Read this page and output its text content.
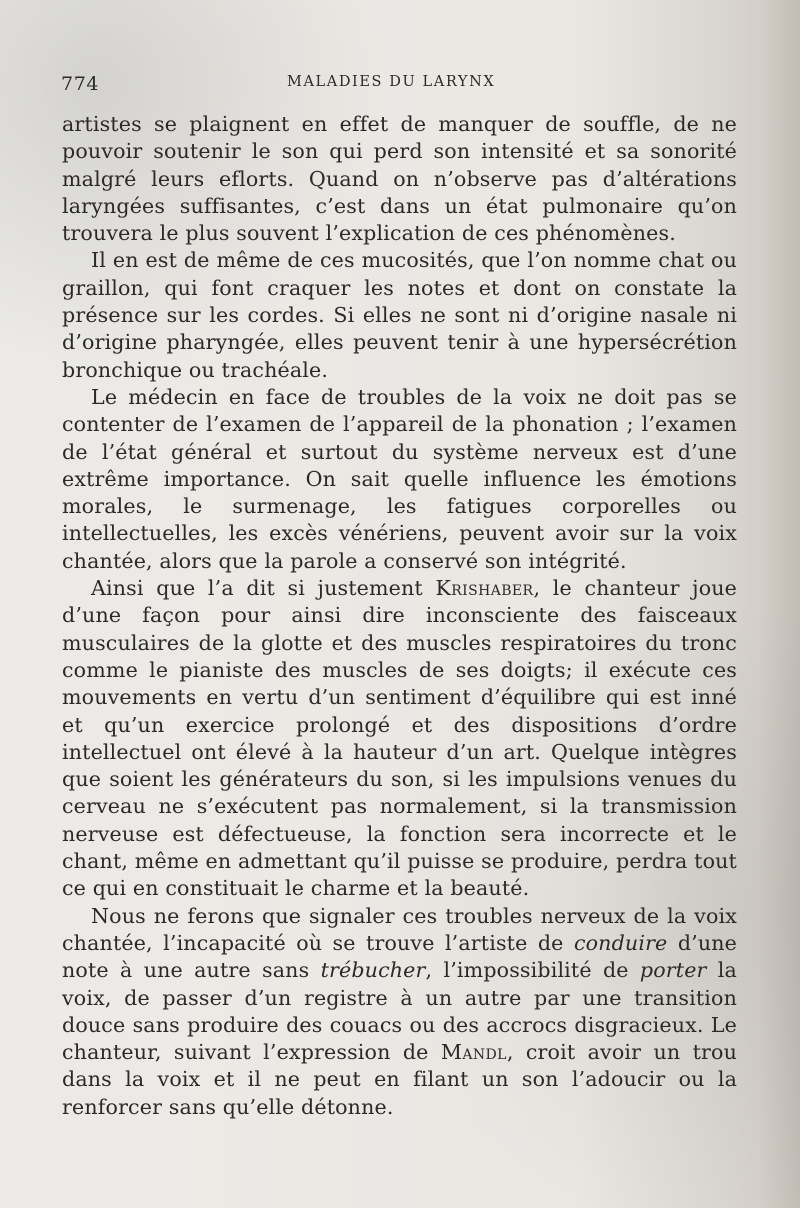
774	MALADIES DU LARYNX

artistes se plaignent en effet de manquer de souffle, de ne pouvoir soutenir le son qui perd son intensité et sa sonorité malgré leurs eflorts. Quand on n’observe pas d’altérations laryngées suffisantes, c’est dans un état pulmonaire qu’on trouvera le plus souvent l’explication de ces phénomènes.

Il en est de même de ces mucosités, que l’on nomme chat ou graillon, qui font craquer les notes et dont on constate la présence sur les cordes. Si elles ne sont ni d’origine nasale ni d’origine pharyngée, elles peuvent tenir à une hypersécrétion bronchique ou trachéale.

Le médecin en face de troubles de la voix ne doit pas se contenter de l’examen de l’appareil de la phonation ; l’examen de l’état général et surtout du système nerveux est d’une extrême importance. On sait quelle influence les émotions morales, le surmenage, les fatigues corporelles ou intellectuelles, les excès vénériens, peuvent avoir sur la voix chantée, alors que la parole a conservé son intégrité.

Ainsi que l’a dit si justement Krishaber, le chanteur joue d’une façon pour ainsi dire inconsciente des faisceaux musculaires de la glotte et des muscles respiratoires du tronc comme le pianiste des muscles de ses doigts; il exécute ces mouvements en vertu d’un sentiment d’équilibre qui est inné et qu’un exercice prolongé et des dispositions d’ordre intellectuel ont élevé à la hauteur d’un art. Quelque intègres que soient les générateurs du son, si les impulsions venues du cerveau ne s’exécutent pas normalement, si la transmission nerveuse est défectueuse, la fonction sera incorrecte et le chant, même en admettant qu’il puisse se produire, perdra tout ce qui en constituait le charme et la beauté.

Nous ne ferons que signaler ces troubles nerveux de la voix chantée, l’incapacité où se trouve l’artiste de conduire d’une note à une autre sans trébucher, l’impossibilité de porter la voix, de passer d’un registre à un autre par une transition douce sans produire des couacs ou des accrocs disgracieux. Le chanteur, suivant l’expression de Mandl, croit avoir un trou dans la voix et il ne peut en filant un son l’adoucir ou la renforcer sans qu’elle détonne.
